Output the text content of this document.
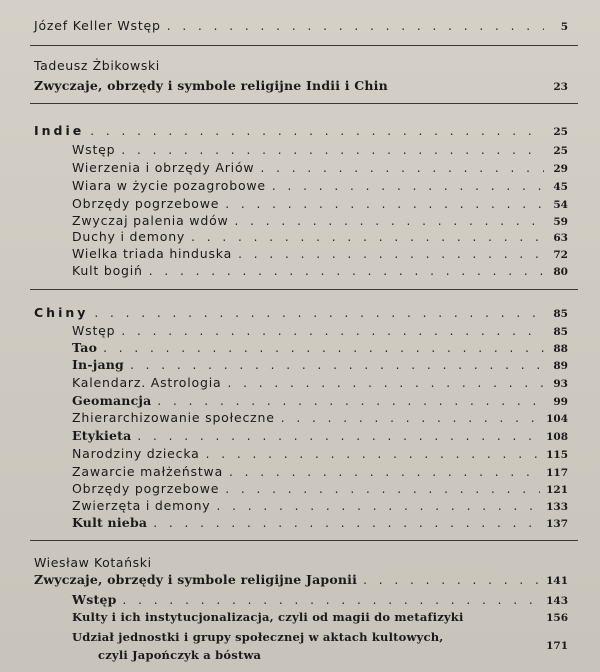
Józef Keller Wstęp . . .	5
Tadeusz Żbikowski
Zwyczaje, obrzędy i symbole religijne Indii i Chin	23
Indie . . .	25
Wstęp . . .	25
Wierzenia i obrzędy Ariów . . .	29
Wiara w życie pozagrobowe . . .	45
Obrzędy pogrzebowe . . .	54
Zwyczaj palenia wdów . . .	59
Duchy i demony . . .	63
Wielka triada hinduska . . .	72
Kult bogiń . . .	80
Chiny . . .	85
Wstęp . . .	85
Tao . . .	88
In-jang . . .	89
Kalendarz. Astrologia . . .	93
Geomancja . . .	99
Zhierarchizowanie społeczne . . .	104
Etykieta . . .	108
Narodziny dziecka . . .	115
Zawarcie małżeństwa . . .	117
Obrzędy pogrzebowe . . .	121
Zwierzęta i demony . . .	133
Kult nieba . . .	137
Wiesław Kotański
Zwyczaje, obrzędy i symbole religijne Japonii . . .	141
Wstęp . . .	143
Kulty i ich instytucjonalizacja, czyli od magii do metafizyki	156
Udział jednostki i grupy społecznej w aktach kultowych,
czyli Japończyk a bóstwa
171
